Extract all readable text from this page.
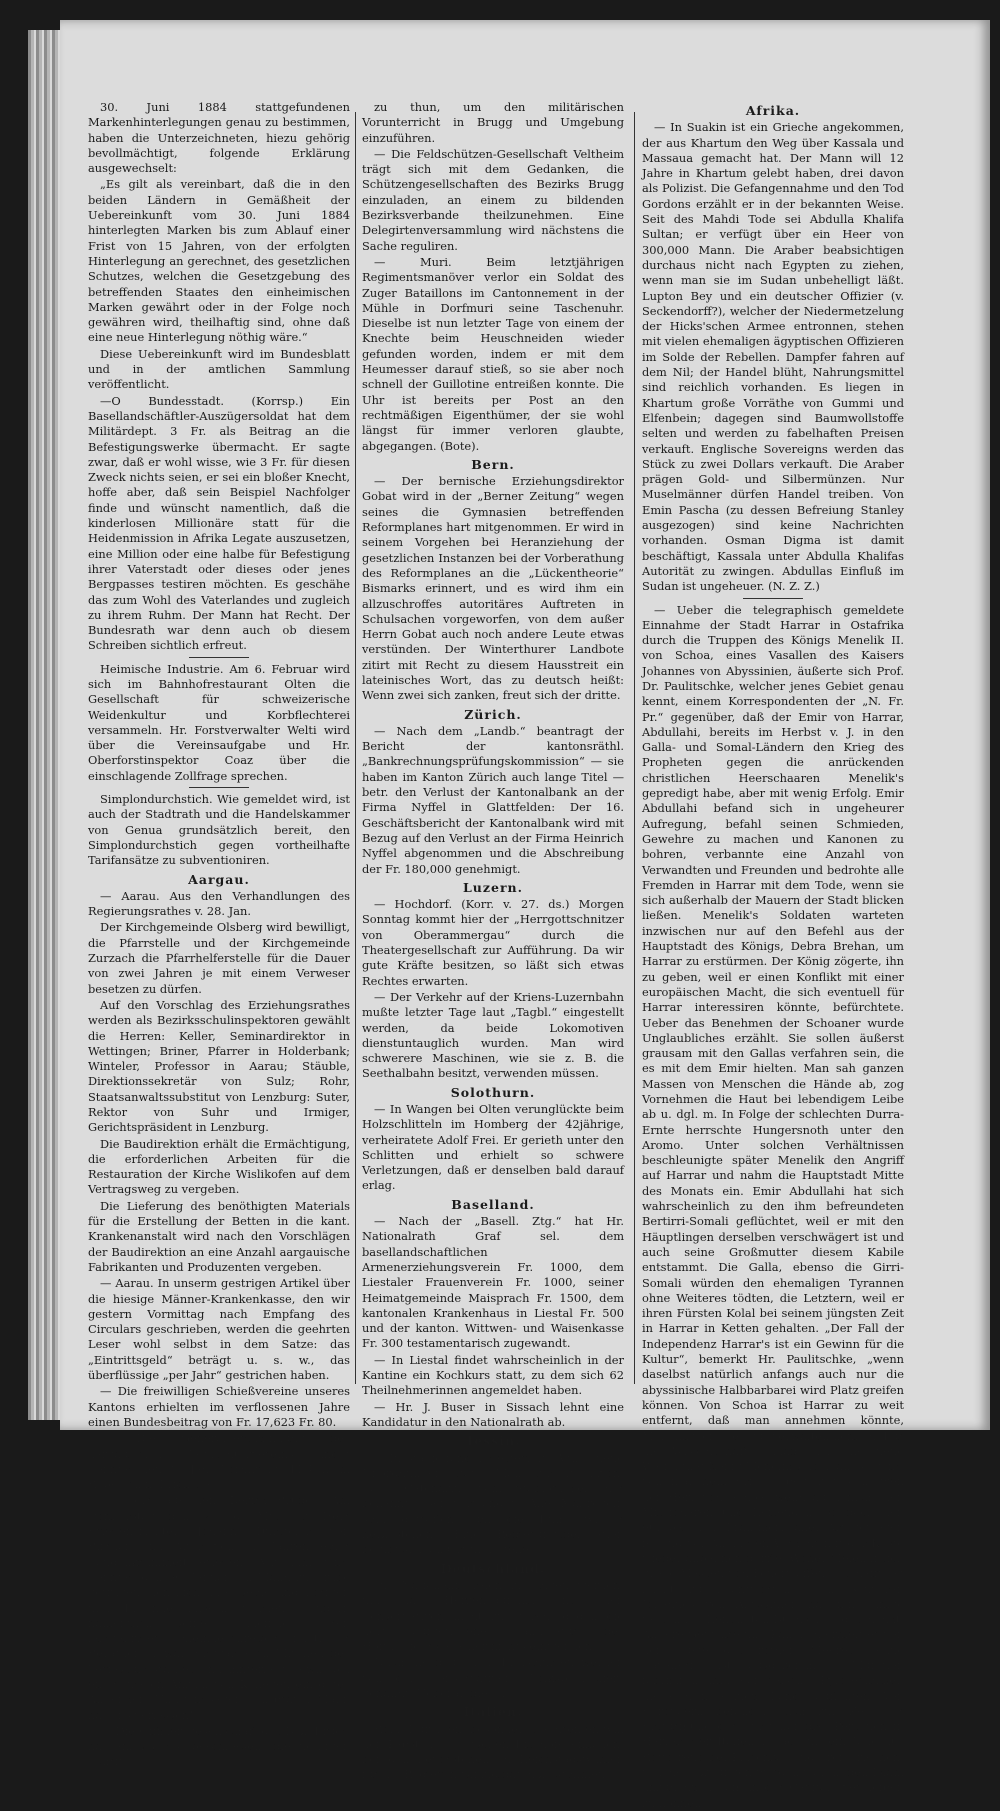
30. Juni 1884 stattgefundenen Markenhinterlegungen genau zu bestimmen, haben die Unterzeichneten, hiezu gehörig bevollmächtigt, folgende Erklärung ausgewechselt:

„Es gilt als vereinbart, daß die in den beiden Ländern in Gemäßheit der Uebereinkunft vom 30. Juni 1884 hinterlegten Marken bis zum Ablauf einer Frist von 15 Jahren, von der erfolgten Hinterlegung an gerechnet, des gesetzlichen Schutzes, welchen die Gesetzgebung des betreffenden Staates den einheimischen Marken gewährt oder in der Folge noch gewähren wird, theilhaftig sind, ohne daß eine neue Hinterlegung nöthig wäre.“

Diese Uebereinkunft wird im Bundesblatt und in der amtlichen Sammlung veröffentlicht.

—O Bundesstadt. (Korrsp.) Ein Basellandschäftler-Auszügersoldat hat dem Militärdept. 3 Fr. als Beitrag an die Befestigungswerke übermacht. Er sagte zwar, daß er wohl wisse, wie 3 Fr. für diesen Zweck nichts seien, er sei ein bloßer Knecht, hoffe aber, daß sein Beispiel Nachfolger finde und wünscht namentlich, daß die kinderlosen Millionäre statt für die Heidenmission in Afrika Legate auszusetzen, eine Million oder eine halbe für Befestigung ihrer Vaterstadt oder dieses oder jenes Bergpasses testiren möchten. Es geschähe das zum Wohl des Vaterlandes und zugleich zu ihrem Ruhm. Der Mann hat Recht. Der Bundesrath war denn auch ob diesem Schreiben sichtlich erfreut.

Heimische Industrie. Am 6. Februar wird sich im Bahnhofrestaurant Olten die Gesellschaft für schweizerische Weidenkultur und Korbflechterei versammeln. Hr. Forstverwalter Welti wird über die Vereinsaufgabe und Hr. Oberforstinspektor Coaz über die einschlagende Zollfrage sprechen.

Simplondurchstich. Wie gemeldet wird, ist auch der Stadtrath und die Handelskammer von Genua grundsätzlich bereit, den Simplondurchstich gegen vortheilhafte Tarifansätze zu subventioniren.

Aargau.

— Aarau. Aus den Verhandlungen des Regierungsrathes v. 28. Jan.

Der Kirchgemeinde Olsberg wird bewilligt, die Pfarrstelle und der Kirchgemeinde Zurzach die Pfarrhelferstelle für die Dauer von zwei Jahren je mit einem Verweser besetzen zu dürfen.

Auf den Vorschlag des Erziehungsrathes werden als Bezirksschulinspektoren gewählt die Herren: Keller, Seminardirektor in Wettingen; Briner, Pfarrer in Holderbank; Winteler, Professor in Aarau; Stäuble, Direktionssekretär von Sulz; Rohr, Staatsanwaltssubstitut von Lenzburg: Suter, Rektor von Suhr und Irmiger, Gerichtspräsident in Lenzburg.

Die Baudirektion erhält die Ermächtigung, die erforderlichen Arbeiten für die Restauration der Kirche Wislikofen auf dem Vertragsweg zu vergeben.

Die Lieferung des benöthigten Materials für die Erstellung der Betten in die kant. Krankenanstalt wird nach den Vorschlägen der Baudirektion an eine Anzahl aargauische Fabrikanten und Produzenten vergeben.

— Aarau. In unserm gestrigen Artikel über die hiesige Männer-Krankenkasse, den wir gestern Vormittag nach Empfang des Circulars geschrieben, werden die geehrten Leser wohl selbst in dem Satze: das „Eintrittsgeld“ beträgt u. s. w., das überflüssige „per Jahr“ gestrichen haben.

— Die freiwilligen Schießvereine unseres Kantons erhielten im verflossenen Jahre einen Bundesbeitrag von Fr. 17,623 Fr. 80.

— Die Generalversammlung des aargauischen Jagdschutzvereins findet Sonntag den 30. Jan., Vormittags 11 Uhr im Rebstock in Frick statt.

— (Korr. aus dem Bezirk Brugg.) Am Donnerstag den 27. d. Mts. ist Herr Friedensrichter Johann Dürsteler von Birrhard im Alter von 62 Jahren einer Lungenkrankheit erlegen. Mit ihm wird Sonntag den 30. Januar ein Mann zu Grabe getragen, den nicht bloß seine Angehörigen und Freunde missen werden, sondern namentlich seine Gemeinde, deren langjähriger Gemeindeschreiber und treuer Berather er war. Er war auch Mitglied des Verfassungsrathes und hinterläßt gewiß bei einer großen Anzahl von Kollegen ein gutes Andenken. Und wir sagen, ein braver Mann hat uns verlassen!

— Die Offiziersgesellschaft des Bez. Brugg hat am 23. ds. beschlossen, die nöthigen Schritte

zu thun, um den militärischen Vorunterricht in Brugg und Umgebung einzuführen.

— Die Feldschützen-Gesellschaft Veltheim trägt sich mit dem Gedanken, die Schützengesellschaften des Bezirks Brugg einzuladen, an einem zu bildenden Bezirksverbande theilzunehmen. Eine Delegirtenversammlung wird nächstens die Sache reguliren.

— Muri. Beim letztjährigen Regimentsmanöver verlor ein Soldat des Zuger Bataillons im Cantonnement in der Mühle in Dorfmuri seine Taschenuhr. Dieselbe ist nun letzter Tage von einem der Knechte beim Heuschneiden wieder gefunden worden, indem er mit dem Heumesser darauf stieß, so sie aber noch schnell der Guillotine entreißen konnte. Die Uhr ist bereits per Post an den rechtmäßigen Eigenthümer, der sie wohl längst für immer verloren glaubte, abgegangen. (Bote).

Bern.

— Der bernische Erziehungsdirektor Gobat wird in der „Berner Zeitung“ wegen seines die Gymnasien betreffenden Reformplanes hart mitgenommen. Er wird in seinem Vorgehen bei Heranziehung der gesetzlichen Instanzen bei der Vorberathung des Reformplanes an die „Lückentheorie“ Bismarks erinnert, und es wird ihm ein allzuschroffes autoritäres Auftreten in Schulsachen vorgeworfen, von dem außer Herrn Gobat auch noch andere Leute etwas verstünden. Der Winterthurer Landbote zitirt mit Recht zu diesem Hausstreit ein lateinisches Wort, das zu deutsch heißt: Wenn zwei sich zanken, freut sich der dritte.

Zürich.

— Nach dem „Landb.“ beantragt der Bericht der kantonsräthl. „Bankrechnungsprüfungskommission“ — sie haben im Kanton Zürich auch lange Titel — betr. den Verlust der Kantonalbank an der Firma Nyffel in Glattfelden: Der 16. Geschäftsbericht der Kantonalbank wird mit Bezug auf den Verlust an der Firma Heinrich Nyffel abgenommen und die Abschreibung der Fr. 180,000 genehmigt.

Luzern.

— Hochdorf. (Korr. v. 27. ds.) Morgen Sonntag kommt hier der „Herrgottschnitzer von Oberammergau“ durch die Theatergesellschaft zur Aufführung. Da wir gute Kräfte besitzen, so läßt sich etwas Rechtes erwarten.

— Der Verkehr auf der Kriens-Luzernbahn mußte letzter Tage laut „Tagbl.“ eingestellt werden, da beide Lokomotiven dienstuntauglich wurden. Man wird schwerere Maschinen, wie sie z. B. die Seethalbahn besitzt, verwenden müssen.

Solothurn.

— In Wangen bei Olten verunglückte beim Holzschlitteln im Homberg der 42jährige, verheiratete Adolf Frei. Er gerieth unter den Schlitten und erhielt so schwere Verletzungen, daß er denselben bald darauf erlag.

Baselland.

— Nach der „Basell. Ztg.“ hat Hr. Nationalrath Graf sel. dem basellandschaftlichen Armenerziehungsverein Fr. 1000, dem Liestaler Frauenverein Fr. 1000, seiner Heimatgemeinde Maisprach Fr. 1500, dem kantonalen Krankenhaus in Liestal Fr. 500 und der kanton. Wittwen- und Waisenkasse Fr. 300 testamentarisch zugewandt.

— In Liestal findet wahrscheinlich in der Kantine ein Kochkurs statt, zu dem sich 62 Theilnehmerinnen angemeldet haben.

— Hr. J. Buser in Sissach lehnt eine Kandidatur in den Nationalrath ab.

Tessin.

— In Stabio fanden gestern lt. „Vtlb.“ neue Unordnungen statt. Man spricht davon, Luigi Catenazzi (vom Stabioprozeß her bekannt), sei verwundet. Alle Maßregeln sind getroffen, um die Ruhe wieder herzustellen. Eine Regierungsdelegation begibt sich an Ort und Stelle.

Deutschland.

Die Nationalliberalen in Singen werden, um das Herzensbündniß mit den Konservativen nicht zu stören, gegen die dort aufgetretene Kandidatur des Hofpredigers Stöcker nichts einwenden.

Nach die deutschen Freisinnigen werden von den Konservativen „Volksbeglücker“ genannt. Ueberall gleich. —

Italien.

Rom. Durch ein besonderes Schreiben will der Papst die deutschen Bischöfe einladen, bei den bevorstehenden Reichstagswahlen für die Regierungskandidaten zu stimmen.

Afrika.

— In Suakin ist ein Grieche angekommen, der aus Khartum den Weg über Kassala und Massaua gemacht hat. Der Mann will 12 Jahre in Khartum gelebt haben, drei davon als Polizist. Die Gefangennahme und den Tod Gordons erzählt er in der bekannten Weise. Seit des Mahdi Tode sei Abdulla Khalifa Sultan; er verfügt über ein Heer von 300,000 Mann. Die Araber beabsichtigen durchaus nicht nach Egypten zu ziehen, wenn man sie im Sudan unbehelligt läßt. Lupton Bey und ein deutscher Offizier (v. Seckendorff?), welcher der Niedermetzelung der Hicks'schen Armee entronnen, stehen mit vielen ehemaligen ägyptischen Offizieren im Solde der Rebellen. Dampfer fahren auf dem Nil; der Handel blüht, Nahrungsmittel sind reichlich vorhanden. Es liegen in Khartum große Vorräthe von Gummi und Elfenbein; dagegen sind Baumwollstoffe selten und werden zu fabelhaften Preisen verkauft. Englische Sovereigns werden das Stück zu zwei Dollars verkauft. Die Araber prägen Gold- und Silbermünzen. Nur Muselmänner dürfen Handel treiben. Von Emin Pascha (zu dessen Befreiung Stanley ausgezogen) sind keine Nachrichten vorhanden. Osman Digma ist damit beschäftigt, Kassala unter Abdulla Khalifas Autorität zu zwingen. Abdullas Einfluß im Sudan ist ungeheuer. (N. Z. Z.)

— Ueber die telegraphisch gemeldete Einnahme der Stadt Harrar in Ostafrika durch die Truppen des Königs Menelik II. von Schoa, eines Vasallen des Kaisers Johannes von Abyssinien, äußerte sich Prof. Dr. Paulitschke, welcher jenes Gebiet genau kennt, einem Korrespondenten der „N. Fr. Pr.“ gegenüber, daß der Emir von Harrar, Abdullahi, bereits im Herbst v. J. in den Galla- und Somal-Ländern den Krieg des Propheten gegen die anrückenden christlichen Heerschaaren Menelik's gepredigt habe, aber mit wenig Erfolg. Emir Abdullahi befand sich in ungeheurer Aufregung, befahl seinen Schmieden, Gewehre zu machen und Kanonen zu bohren, verbannte eine Anzahl von Verwandten und Freunden und bedrohte alle Fremden in Harrar mit dem Tode, wenn sie sich außerhalb der Mauern der Stadt blicken ließen. Menelik's Soldaten warteten inzwischen nur auf den Befehl aus der Hauptstadt des Königs, Debra Brehan, um Harrar zu erstürmen. Der König zögerte, ihn zu geben, weil er einen Konflikt mit einer europäischen Macht, die sich eventuell für Harrar interessiren könnte, befürchtete. Ueber das Benehmen der Schoaner wurde Unglaubliches erzählt. Sie sollen äußerst grausam mit den Gallas verfahren sein, die es mit dem Emir hielten. Man sah ganzen Massen von Menschen die Hände ab, zog Vornehmen die Haut bei lebendigem Leibe ab u. dgl. m. In Folge der schlechten Durra-Ernte herrschte Hungersnoth unter den Aromo. Unter solchen Verhältnissen beschleunigte später Menelik den Angriff auf Harrar und nahm die Hauptstadt Mitte des Monats ein. Emir Abdullahi hat sich wahrscheinlich zu den ihm befreundeten Bertirri-Somali geflüchtet, weil er mit den Häuptlingen derselben verschwägert ist und auch seine Großmutter diesem Kabile entstammt. Die Galla, ebenso die Girri-Somali würden den ehemaligen Tyrannen ohne Weiteres tödten, die Letztern, weil er ihren Fürsten Kolal bei seinem jüngsten Zeit in Harrar in Ketten gehalten. „Der Fall der Independenz Harrar's ist ein Gewinn für die Kultur“, bemerkt Hr. Paulitschke, „wenn daselbst natürlich anfangs auch nur die abyssinische Halbbarbarei wird Platz greifen können. Von Schoa ist Harrar zu weit entfernt, daß man annehmen könnte, Menelik werde es gut verwalten können. Für die Wissenschaft schlage ich die neue Waffenthat König Menelik's hoch an; sie wird von manchem Erfolge begleitet sein, weil der Herr von Schoa, wenn auch nicht den Missionären und Reisenden, so doch den europäischen Praktikern aller Art gewogen ist und vor Allem den Verkehr mit der Küste wieder anbahnen dürfte. Woher Melenik sich große Massen von Feuerwaffen beschafft, ist leicht zu beantworten. Sein Souverän Johannes von Abyssinien hat ihm einige tausend Remington-Büchsen geschenkt. Andere Gewehre und Kanonen erhielt er von der Küste des rothen Meeres. Seine Kavallerie ist ausgezeichnet. Munition fabriziren ihm europäische Pyrotechniker, die sich in seinem Lande aufhalten. Von Europäern befanden sich zur Zeit der Erstürmung der Stadt nur drei Personen in Harrar: der Italiener Sacconi (ein Jude aus Rottofreno bei Piacenza) und drei Griechen, welche gezwungen worden waren, den Islam anzunehmen, um in der Capitale verbleiben zu können.
